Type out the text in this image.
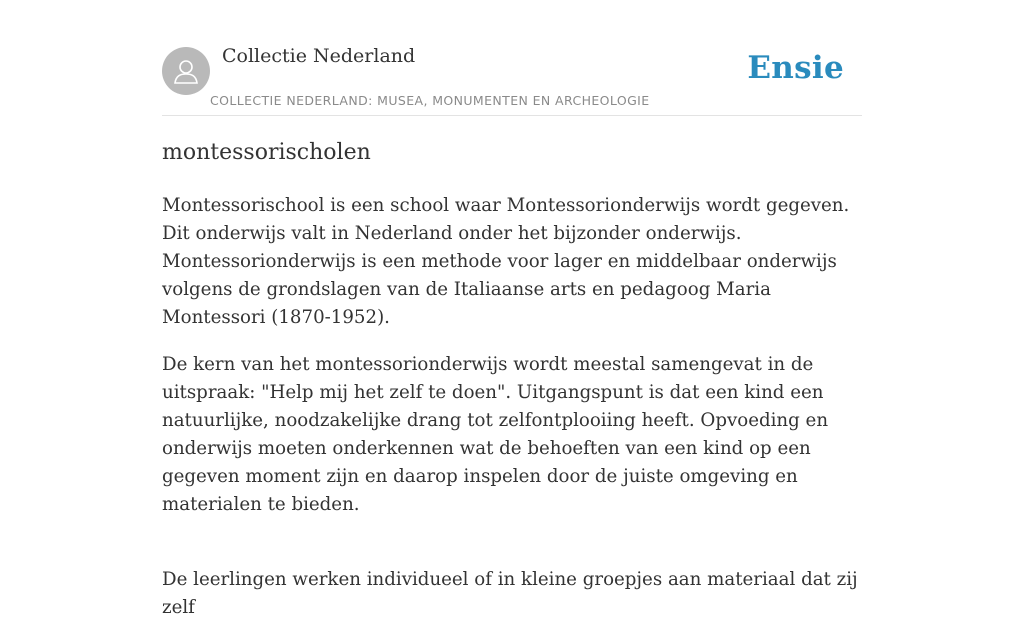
Collectie Nederland
COLLECTIE NEDERLAND: MUSEA, MONUMENTEN EN ARCHEOLOGIE
Ensie
montessorischolen

Montessorischool is een school waar Montessorionderwijs wordt gegeven. Dit onderwijs valt in Nederland onder het bijzonder onderwijs. Montessorionderwijs is een methode voor lager en middelbaar onderwijs volgens de grondslagen van de Italiaanse arts en pedagoog Maria Montessori (1870-1952).

De kern van het montessorionderwijs wordt meestal samengevat in de uitspraak: "Help mij het zelf te doen". Uitgangspunt is dat een kind een natuurlijke, noodzakelijke drang tot zelfontplooiing heeft. Opvoeding en onderwijs moeten onderkennen wat de behoeften van een kind op een gegeven moment zijn en daarop inspelen door de juiste omgeving en materialen te bieden.

De leerlingen werken individueel of in kleine groepjes aan materiaal dat zij zelf
